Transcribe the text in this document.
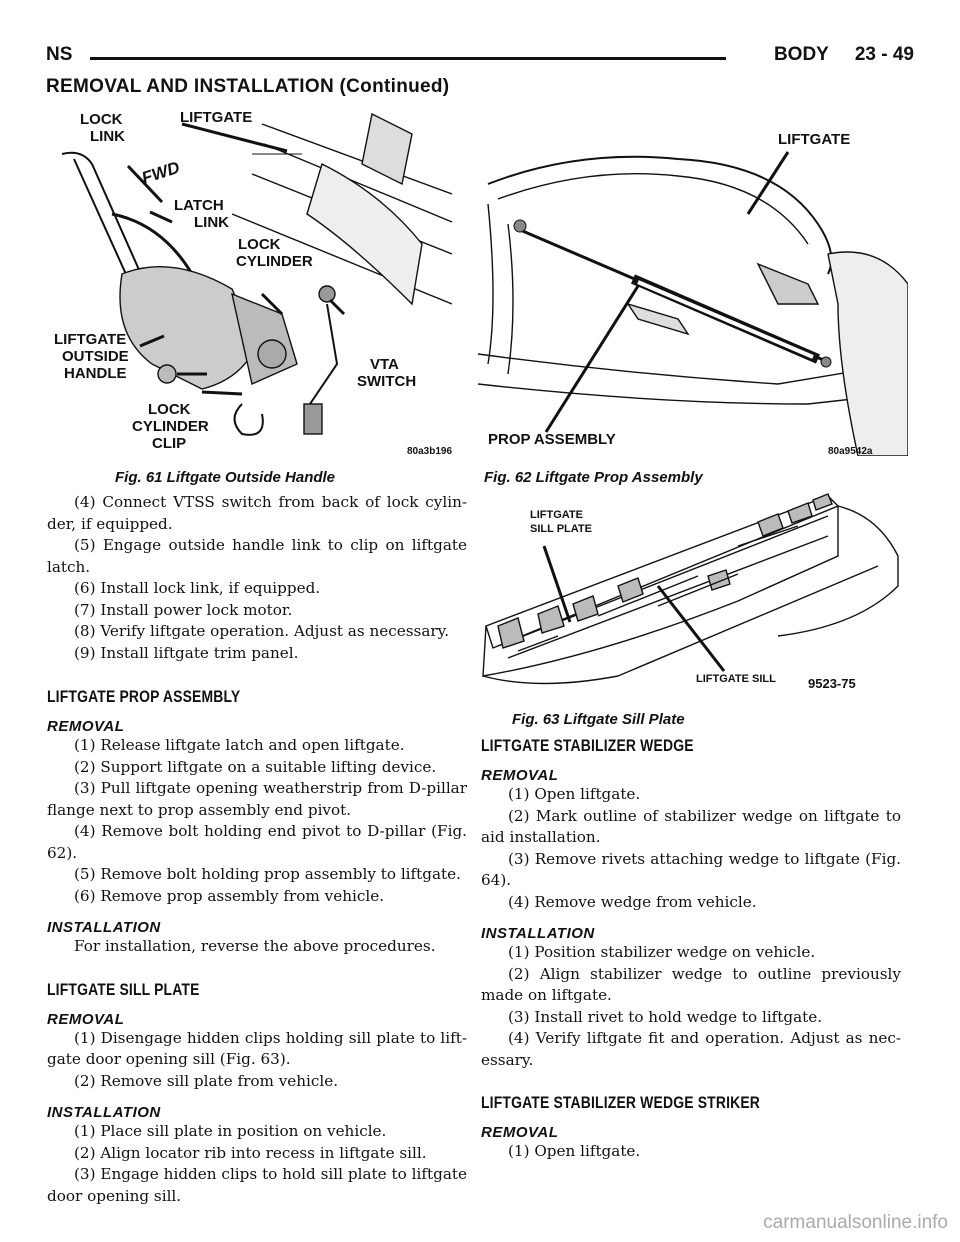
NS	BODY 23 - 49
REMOVAL AND INSTALLATION (Continued)
LOCK
LINK
LIFTGATE
FWD
LATCH
LINK
LOCK
CYLINDER
LIFTGATE
OUTSIDE
HANDLE
VTA
SWITCH
LOCK
CYLINDER
CLIP	80a3b196
Fig. 61 Liftgate Outside Handle
LIFTGATE
PROP ASSEMBLY
80a9542a
Fig. 62 Liftgate Prop Assembly
LIFTGATE
SILL PLATE
LIFTGATE SILL 9523-75
Fig. 63 Liftgate Sill Plate

(4) Connect VTSS switch from back of lock cylin- der, if equipped.

(5) Engage outside handle link to clip on liftgate latch.

(6) Install lock link, if equipped.

(7) Install power lock motor.

(8) Verify liftgate operation. Adjust as necessary.

(9) Install liftgate trim panel.

LIFTGATE PROP ASSEMBLY
REMOVAL

(1) Release liftgate latch and open liftgate.

(2) Support liftgate on a suitable lifting device.

(3) Pull liftgate opening weatherstrip from D-pillar flange next to prop assembly end pivot.

(4) Remove bolt holding end pivot to D-pillar (Fig. 62).

(5) Remove bolt holding prop assembly to liftgate.

(6) Remove prop assembly from vehicle.

INSTALLATION

For installation, reverse the above procedures.

LIFTGATE SILL PLATE
REMOVAL

(1) Disengage hidden clips holding sill plate to lift- gate door opening sill (Fig. 63).

(2) Remove sill plate from vehicle.

INSTALLATION

(1) Place sill plate in position on vehicle.

(2) Align locator rib into recess in liftgate sill.

(3) Engage hidden clips to hold sill plate to liftgate door opening sill.

LIFTGATE STABILIZER WEDGE
REMOVAL

(1) Open liftgate.

(2) Mark outline of stabilizer wedge on liftgate to aid installation.

(3) Remove rivets attaching wedge to liftgate (Fig. 64).

(4) Remove wedge from vehicle.

INSTALLATION

(1) Position stabilizer wedge on vehicle.

(2) Align stabilizer wedge to outline previously made on liftgate.

(3) Install rivet to hold wedge to liftgate.

(4) Verify liftgate fit and operation. Adjust as nec- essary.

LIFTGATE STABILIZER WEDGE STRIKER
REMOVAL

(1) Open liftgate.

carmanualsonline.info
